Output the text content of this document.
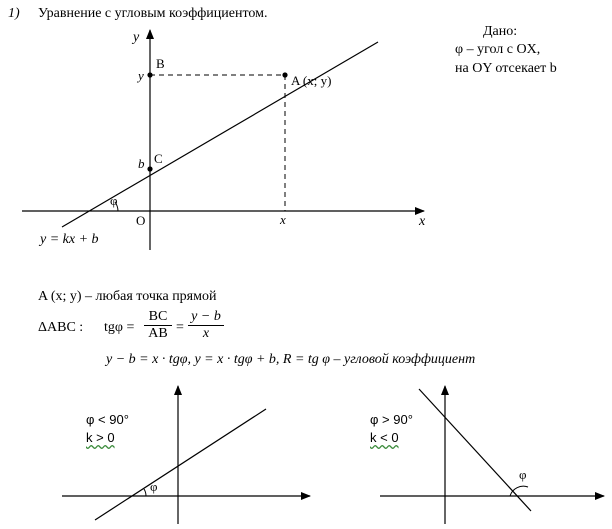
1) Уравнение с угловым коэффициентом.
Дано:
φ – угол с OX,
на OY отсекает b
y
x
O
B
y	A (x; y)
C
b
x
φ
y = kx + b
A (x; y) – любая точка прямой
ΔABC : $tg\varphi = \frac{BC}{AB} = \frac{y - b}{x}$
y − b = x · tgφ, y = x · tgφ + b, R = tg φ – угловой коэффициент
φ < 90°
k > 0
φ
φ > 90°
k < 0
φ
